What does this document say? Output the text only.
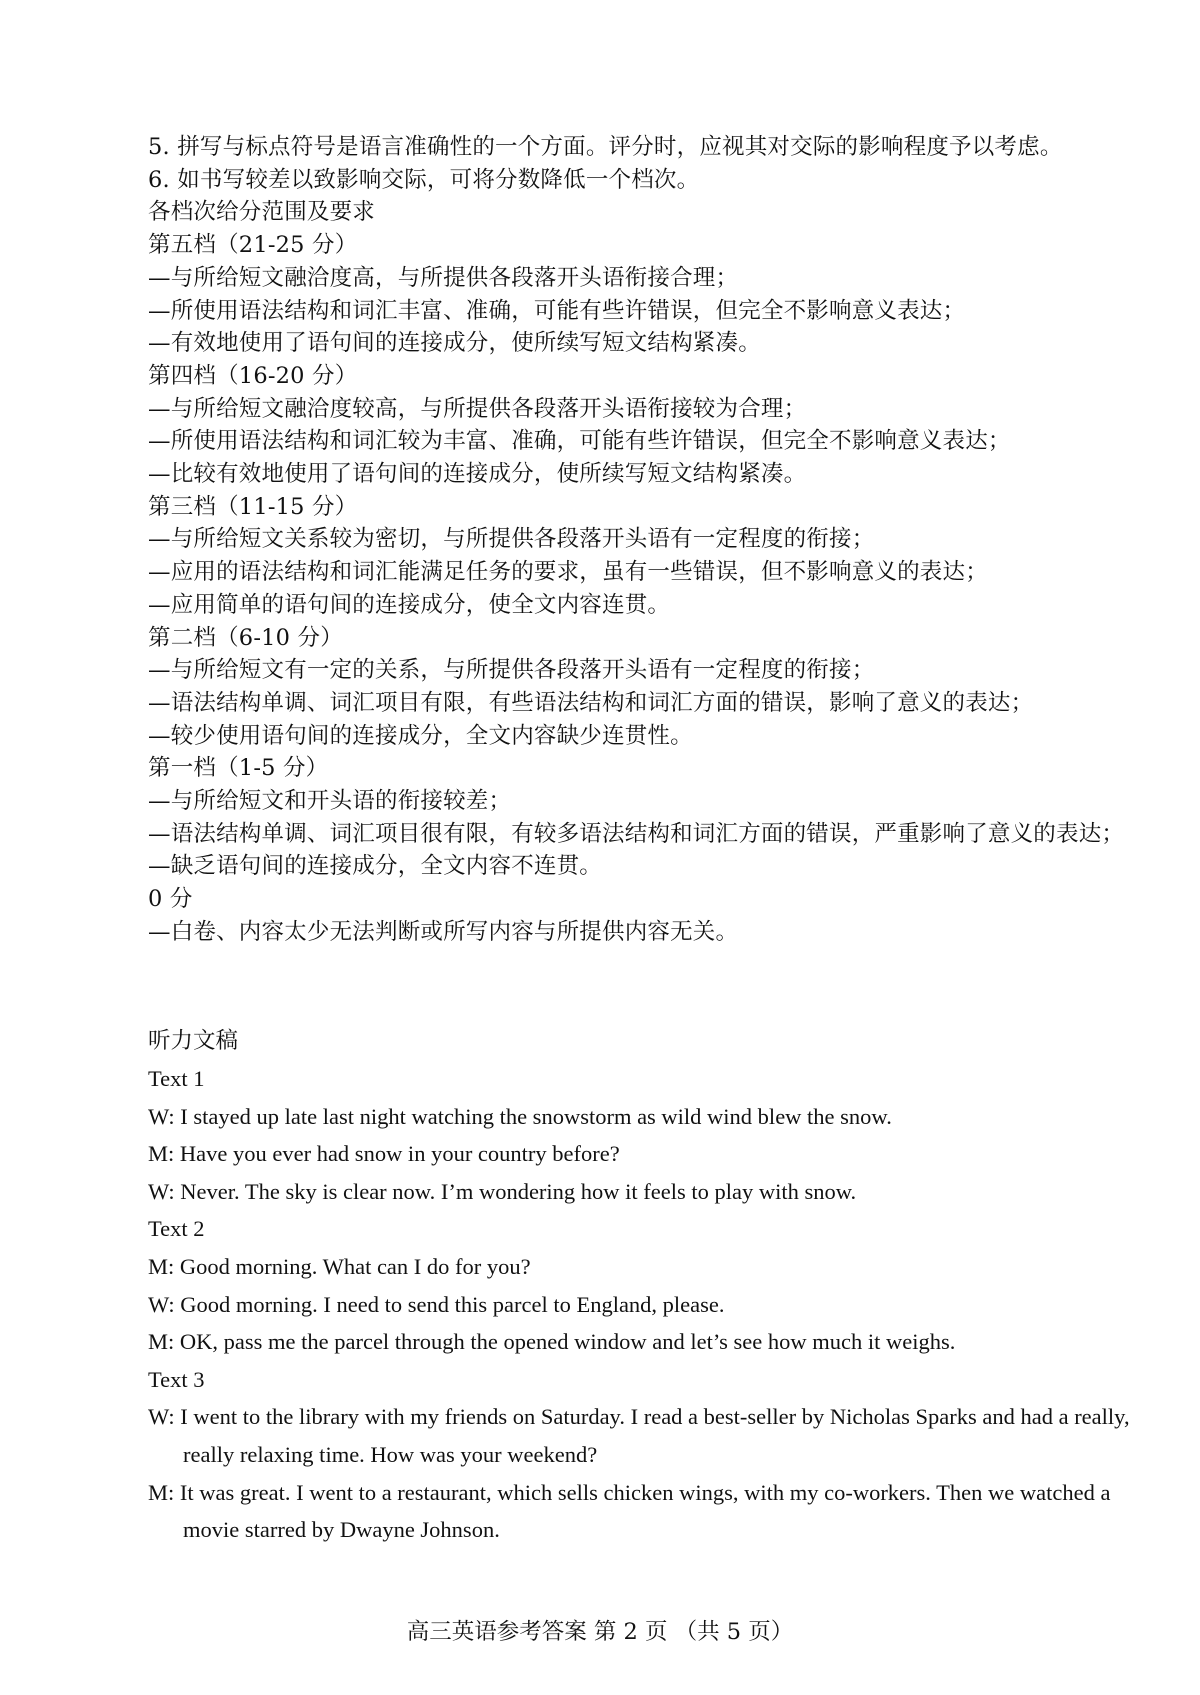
5. 拼写与标点符号是语言准确性的一个方面。评分时，应视其对交际的影响程度予以考虑。
6. 如书写较差以致影响交际，可将分数降低一个档次。
各档次给分范围及要求
第五档（21-25 分）
—与所给短文融洽度高，与所提供各段落开头语衔接合理；
—所使用语法结构和词汇丰富、准确，可能有些许错误，但完全不影响意义表达；
—有效地使用了语句间的连接成分，使所续写短文结构紧凑。
第四档（16-20 分）
—与所给短文融洽度较高，与所提供各段落开头语衔接较为合理；
—所使用语法结构和词汇较为丰富、准确，可能有些许错误，但完全不影响意义表达；
—比较有效地使用了语句间的连接成分，使所续写短文结构紧凑。
第三档（11-15 分）
—与所给短文关系较为密切，与所提供各段落开头语有一定程度的衔接；
—应用的语法结构和词汇能满足任务的要求，虽有一些错误，但不影响意义的表达；
—应用简单的语句间的连接成分，使全文内容连贯。
第二档（6-10 分）
—与所给短文有一定的关系，与所提供各段落开头语有一定程度的衔接；
—语法结构单调、词汇项目有限，有些语法结构和词汇方面的错误，影响了意义的表达；
—较少使用语句间的连接成分，全文内容缺少连贯性。
第一档（1-5 分）
—与所给短文和开头语的衔接较差；
—语法结构单调、词汇项目很有限，有较多语法结构和词汇方面的错误，严重影响了意义的表达；
—缺乏语句间的连接成分，全文内容不连贯。
0 分
—白卷、内容太少无法判断或所写内容与所提供内容无关。
听力文稿
Text 1
W: I stayed up late last night watching the snowstorm as wild wind blew the snow.
M: Have you ever had snow in your country before?
W: Never. The sky is clear now. I’m wondering how it feels to play with snow.
Text 2
M: Good morning. What can I do for you?
W: Good morning. I need to send this parcel to England, please.
M: OK, pass me the parcel through the opened window and let’s see how much it weighs.
Text 3
W: I went to the library with my friends on Saturday. I read a best-seller by Nicholas Sparks and had a really, really relaxing time. How was your weekend?
M: It was great. I went to a restaurant, which sells chicken wings, with my co-workers. Then we watched a movie starred by Dwayne Johnson.
高三英语参考答案 第 2 页 （共 5 页）
